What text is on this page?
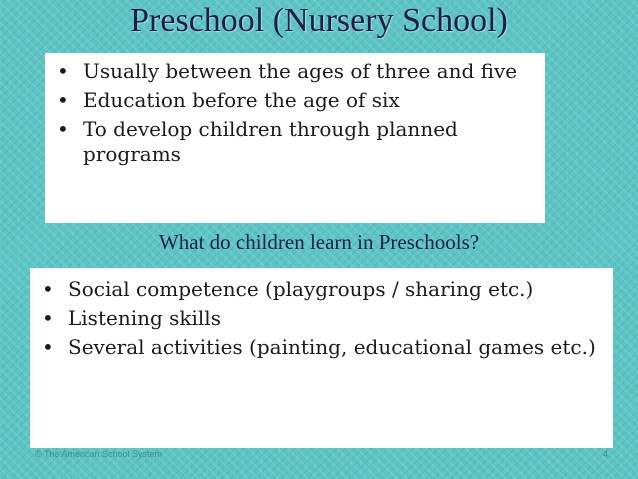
Preschool (Nursery School)
• Usually between the ages of three and five
• Education before the age of six
• To develop children through planned programs
What do children learn in Preschools?
• Social competence (playgroups / sharing etc.)
• Listening skills
• Several activities (painting, educational games etc.)
© The American School System	4
